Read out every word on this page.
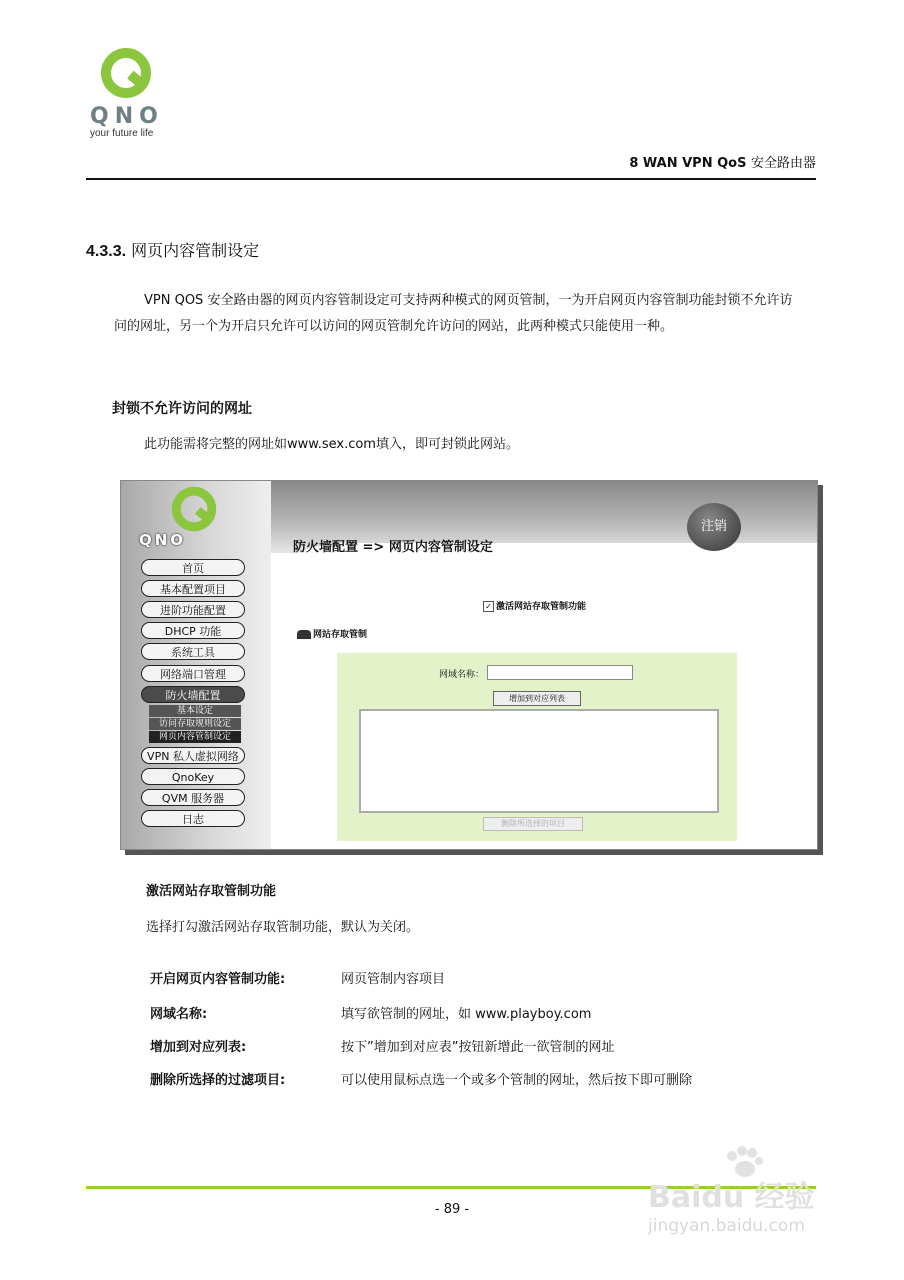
QNO
your future life
8 WAN VPN QoS 安全路由器
4.3.3. 网页内容管制设定
VPN QOS 安全路由器的网页内容管制设定可支持两种模式的网页管制，一为开启网页内容管制功能封锁不允许访问的网址，另一个为开启只允许可以访问的网页管制允许访问的网站，此两种模式只能使用一种。
封锁不允许访问的网址
此功能需将完整的网址如www.sex.com填入，即可封锁此网站。
QNO
注销
防火墙配置 => 网页内容管制设定
首页
基本配置项目
进阶功能配置
DHCP 功能
系统工具
网络端口管理
防火墙配置
基本设定
访问存取规则设定
网页内容管制设定
VPN 私人虚拟网络
QnoKey
QVM 服务器
日志
✓ 激活网站存取管制功能
网站存取管制
网域名称：
增加到对应列表
删除所选择的项目
激活网站存取管制功能
选择打勾激活网站存取管制功能，默认为关闭。
开启网页内容管制功能:	网页管制内容项目
网域名称:	填写欲管制的网址，如 www.playboy.com
增加到对应列表:	按下”增加到对应表”按钮新增此一欲管制的网址
删除所选择的过滤项目:	可以使用鼠标点选一个或多个管制的网址，然后按下即可删除
- 89 -	Baidu 经验
jingyan.baidu.com
